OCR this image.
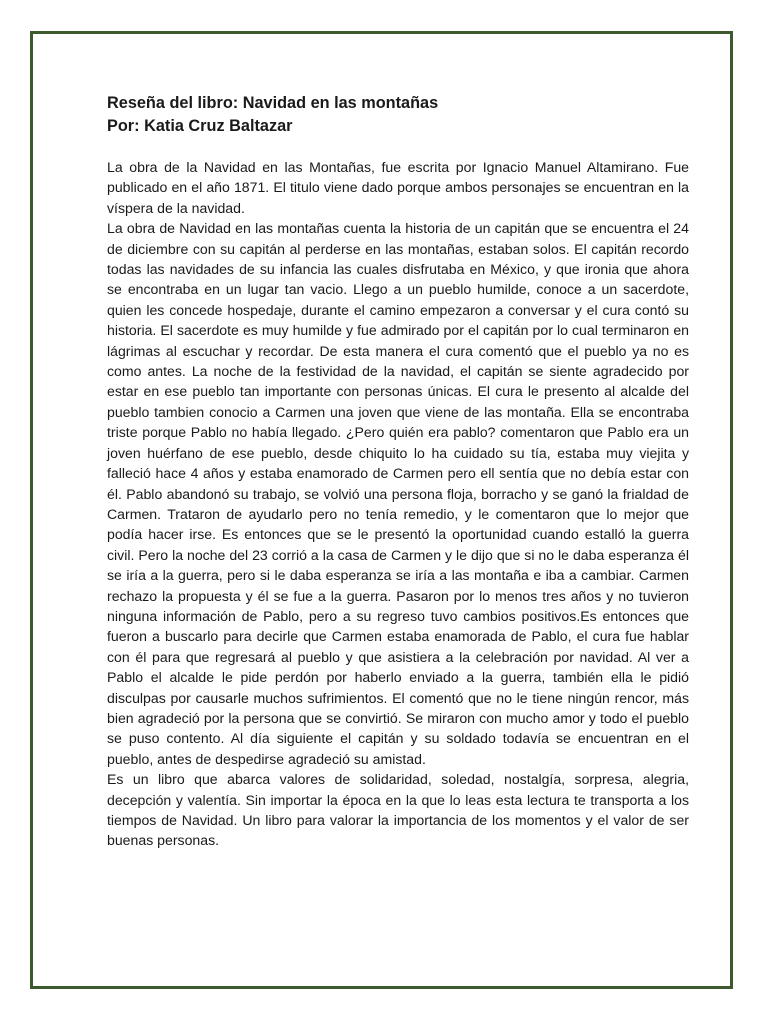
Reseña del libro: Navidad en las montañas

Por: Katia Cruz Baltazar

La obra de la Navidad en las Montañas, fue escrita por Ignacio Manuel Altamirano. Fue publicado en el año 1871. El titulo viene dado porque ambos personajes se encuentran en la víspera de la navidad.

La obra de Navidad en las montañas cuenta la historia de un capitán que se encuentra el 24 de diciembre con su capitán al perderse en las montañas, estaban solos. El capitán recordo todas las navidades de su infancia las cuales disfrutaba en México, y que ironia que ahora se encontraba en un lugar tan vacio. Llego a un pueblo humilde, conoce a un sacerdote, quien les concede hospedaje, durante el camino empezaron a conversar y el cura contó su historia. El sacerdote es muy humilde y fue admirado por el capitán por lo cual terminaron en lágrimas al escuchar y recordar. De esta manera el cura comentó que el pueblo ya no es como antes. La noche de la festividad de la navidad, el capitán se siente agradecido por estar en ese pueblo tan importante con personas únicas. El cura le presento al alcalde del pueblo tambien conocio a Carmen una joven que viene de las montaña. Ella se encontraba triste porque Pablo no había llegado. ¿Pero quién era pablo? comentaron que Pablo era un joven huérfano de ese pueblo, desde chiquito lo ha cuidado su tía, estaba muy viejita y falleció hace 4 años y estaba enamorado de Carmen pero ell sentía que no debía estar con él. Pablo abandonó su trabajo, se volvió una persona floja, borracho y se ganó la frialdad de Carmen. Trataron de ayudarlo pero no tenía remedio, y le comentaron que lo mejor que podía hacer irse. Es entonces que se le presentó la oportunidad cuando estalló la guerra civil. Pero la noche del 23 corrió a la casa de Carmen y le dijo que si no le daba esperanza él se iría a la guerra, pero si le daba esperanza se iría a las montaña e iba a cambiar. Carmen rechazo la propuesta y él se fue a la guerra. Pasaron por lo menos tres años y no tuvieron ninguna información de Pablo, pero a su regreso tuvo cambios positivos.Es entonces que fueron a buscarlo para decirle que Carmen estaba enamorada de Pablo, el cura fue hablar con él para que regresará al pueblo y que asistiera a la celebración por navidad. Al ver a Pablo el alcalde le pide perdón por haberlo enviado a la guerra, también ella le pidió disculpas por causarle muchos sufrimientos. El comentó que no le tiene ningún rencor, más bien agradeció por la persona que se convirtió. Se miraron con mucho amor y todo el pueblo se puso contento. Al día siguiente el capitán y su soldado todavía se encuentran en el pueblo, antes de despedirse agradeció su amistad.

Es un libro que abarca valores de solidaridad, soledad, nostalgía, sorpresa, alegria, decepción y valentía. Sin importar la época en la que lo leas esta lectura te transporta a los tiempos de Navidad. Un libro para valorar la importancia de los momentos y el valor de ser buenas personas.
